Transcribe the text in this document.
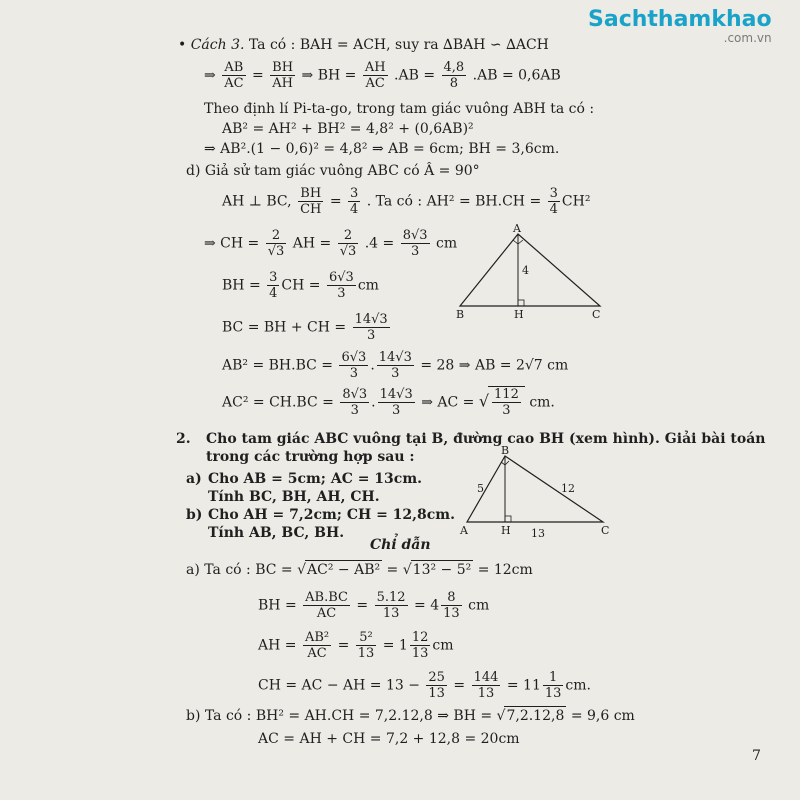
Sachthamkhao
.com.vn
• Cách 3. Ta có : BAH = ACH, suy ra ∆BAH ∽ ∆ACH
⇒ $\frac{AB}{AC} = \frac{BH}{AH}$ ⇒ BH = $\frac{AH}{AC} .AB = \frac{4,8}{8} .AB = 0,6AB$
Theo định lí Pi-ta-go, trong tam giác vuông ABH ta có :
AB² = AH² + BH² = 4,8² + (0,6AB)²
⇒ AB².(1 − 0,6)² = 4,8² ⇒ AB = 6cm; BH = 3,6cm.
d) Giả sử tam giác vuông ABC có Â = 90°
AH ⊥ BC, $\frac{BH}{CH} = \frac{3}{4}$ . Ta có : $AH^2 = BH.CH = \frac{3}{4} CH^2$
⇒ CH = $\frac{2}{√3}$ AH = $\frac{2}{√3} .4 = \frac{8√3}{3}$ cm
BH = $\frac{3}{4}$ CH = $\frac{6√3}{3}$ cm
BC = BH + CH = $\frac{14√3}{3}$
$AB^2 = BH.BC = \frac{6√3}{3}$ . $\frac{14√3}{3} = 28$ ⇒ AB = 2√7 cm
$AC^2 = CH.BC = \frac{8√3}{3}$ . $\frac{14√3}{3}$ ⇒ AC = √ $\frac{112}{3}$ cm.
A
B	C
H
4
2. Cho tam giác ABC vuông tại B, đường cao BH (xem hình). Giải bài toán
trong các trường hợp sau :
a) Cho AB = 5cm; AC = 13cm.
Tính BC, BH, AH, CH.
b) Cho AH = 7,2cm; CH = 12,8cm.
Tính AB, BC, BH.
B
A	C
H
5	12
13
Chỉ dẫn
a) Ta có : BC = √AC² − AB² = √13² − 5² = 12cm
BH = $\frac{AB.BC}{AC} = \frac{5.12}{13} = 4 \frac{8}{13}$ cm
AH = $\frac{\text{AB²}}{AC} = \frac{\text{5²}}{13} = 1 \frac{12}{13}$ cm
CH = AC − AH = $13 - \frac{25}{13} = \frac{144}{13} = 11 \frac{1}{13}$ cm.
b) Ta có : BH² = AH.CH = 7,2.12,8 ⇒ BH = √7,2.12,8 = 9,6 cm
AC = AH + CH = 7,2 + 12,8 = 20cm
7
